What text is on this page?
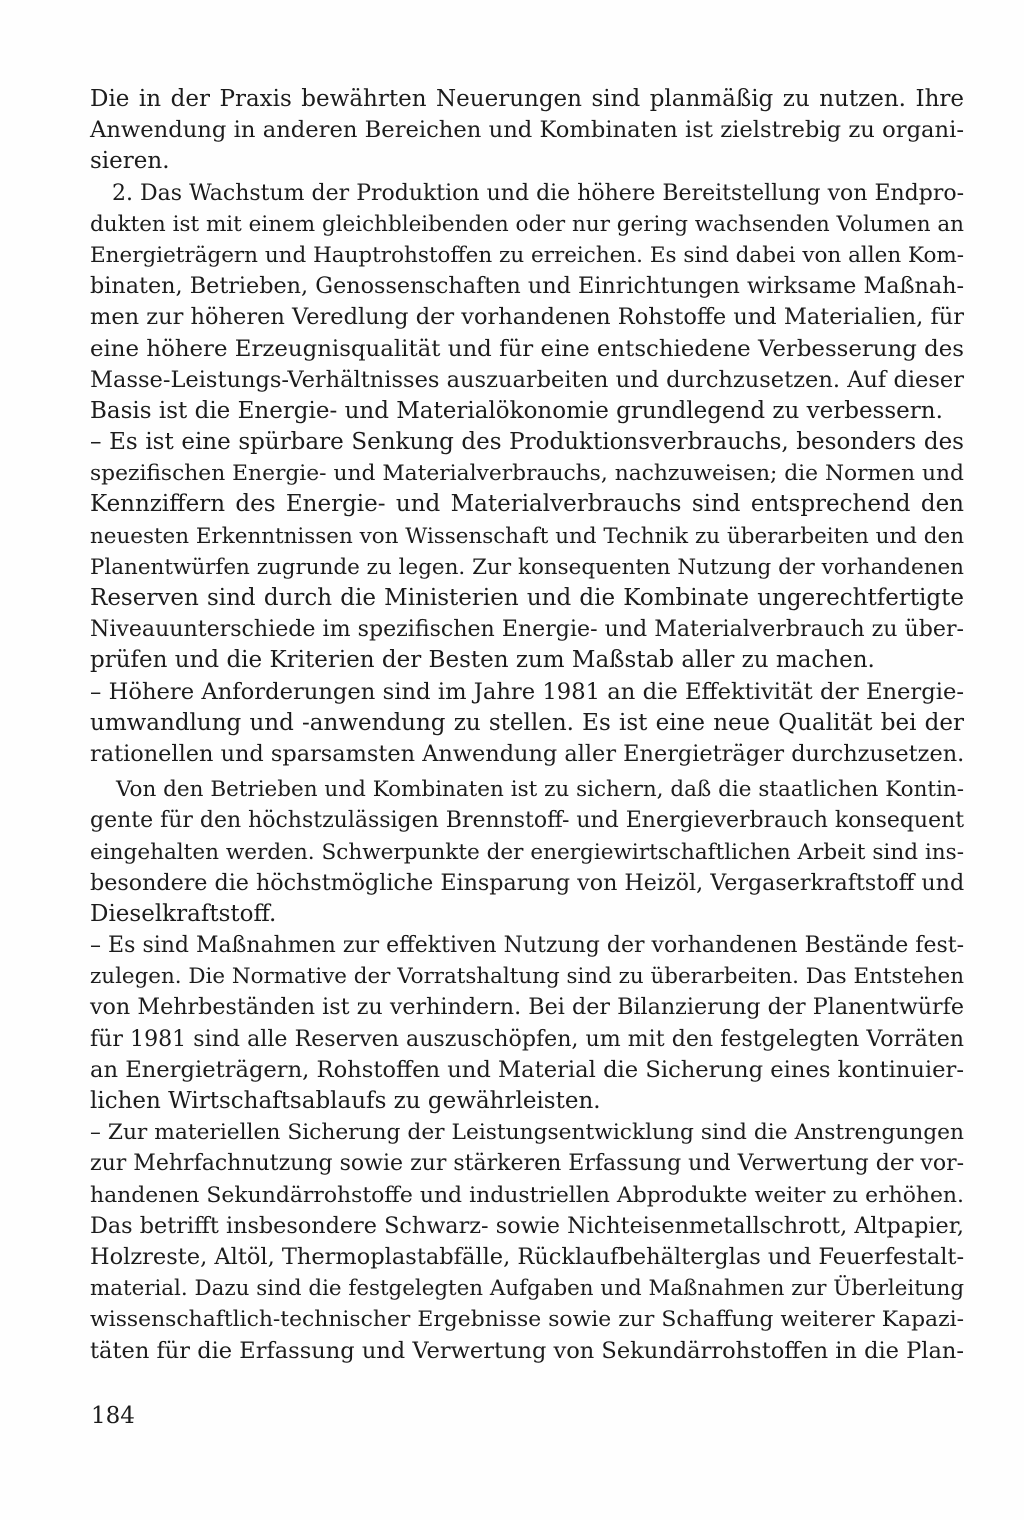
Die in der Praxis bewährten Neuerungen sind planmäßig zu nutzen. Ihre
Anwendung in anderen Bereichen und Kombinaten ist zielstrebig zu organi-
sieren.
2. Das Wachstum der Produktion und die höhere Bereitstellung von Endpro-
dukten ist mit einem gleichbleibenden oder nur gering wachsenden Volumen an
Energieträgern und Hauptrohstoffen zu erreichen. Es sind dabei von allen Kom-
binaten, Betrieben, Genossenschaften und Einrichtungen wirksame Maßnah-
men zur höheren Veredlung der vorhandenen Rohstoffe und Materialien, für
eine höhere Erzeugnisqualität und für eine entschiedene Verbesserung des
Masse-Leistungs-Verhältnisses auszuarbeiten und durchzusetzen. Auf dieser
Basis ist die Energie- und Materialökonomie grundlegend zu verbessern.
– Es ist eine spürbare Senkung des Produktionsverbrauchs, besonders des
spezifischen Energie- und Materialverbrauchs, nachzuweisen; die Normen und
Kennziffern des Energie- und Materialverbrauchs sind entsprechend den
neuesten Erkenntnissen von Wissenschaft und Technik zu überarbeiten und den
Planentwürfen zugrunde zu legen. Zur konsequenten Nutzung der vorhandenen
Reserven sind durch die Ministerien und die Kombinate ungerechtfertigte
Niveauunterschiede im spezifischen Energie- und Materialverbrauch zu über-
prüfen und die Kriterien der Besten zum Maßstab aller zu machen.
– Höhere Anforderungen sind im Jahre 1981 an die Effektivität der Energie-
umwandlung und -anwendung zu stellen. Es ist eine neue Qualität bei der
rationellen und sparsamsten Anwendung aller Energieträger durchzusetzen.
Von den Betrieben und Kombinaten ist zu sichern, daß die staatlichen Kontin-
gente für den höchstzulässigen Brennstoff- und Energieverbrauch konsequent
eingehalten werden. Schwerpunkte der energiewirtschaftlichen Arbeit sind ins-
besondere die höchstmögliche Einsparung von Heizöl, Vergaserkraftstoff und
Dieselkraftstoff.
– Es sind Maßnahmen zur effektiven Nutzung der vorhandenen Bestände fest-
zulegen. Die Normative der Vorratshaltung sind zu überarbeiten. Das Entstehen
von Mehrbeständen ist zu verhindern. Bei der Bilanzierung der Planentwürfe
für 1981 sind alle Reserven auszuschöpfen, um mit den festgelegten Vorräten
an Energieträgern, Rohstoffen und Material die Sicherung eines kontinuier-
lichen Wirtschaftsablaufs zu gewährleisten.
– Zur materiellen Sicherung der Leistungsentwicklung sind die Anstrengungen
zur Mehrfachnutzung sowie zur stärkeren Erfassung und Verwertung der vor-
handenen Sekundärrohstoffe und industriellen Abprodukte weiter zu erhöhen.
Das betrifft insbesondere Schwarz- sowie Nichteisenmetallschrott, Altpapier,
Holzreste, Altöl, Thermoplastabfälle, Rücklaufbehälterglas und Feuerfestalt-
material. Dazu sind die festgelegten Aufgaben und Maßnahmen zur Überleitung
wissenschaftlich-technischer Ergebnisse sowie zur Schaffung weiterer Kapazi-
täten für die Erfassung und Verwertung von Sekundärrohstoffen in die Plan-
184
